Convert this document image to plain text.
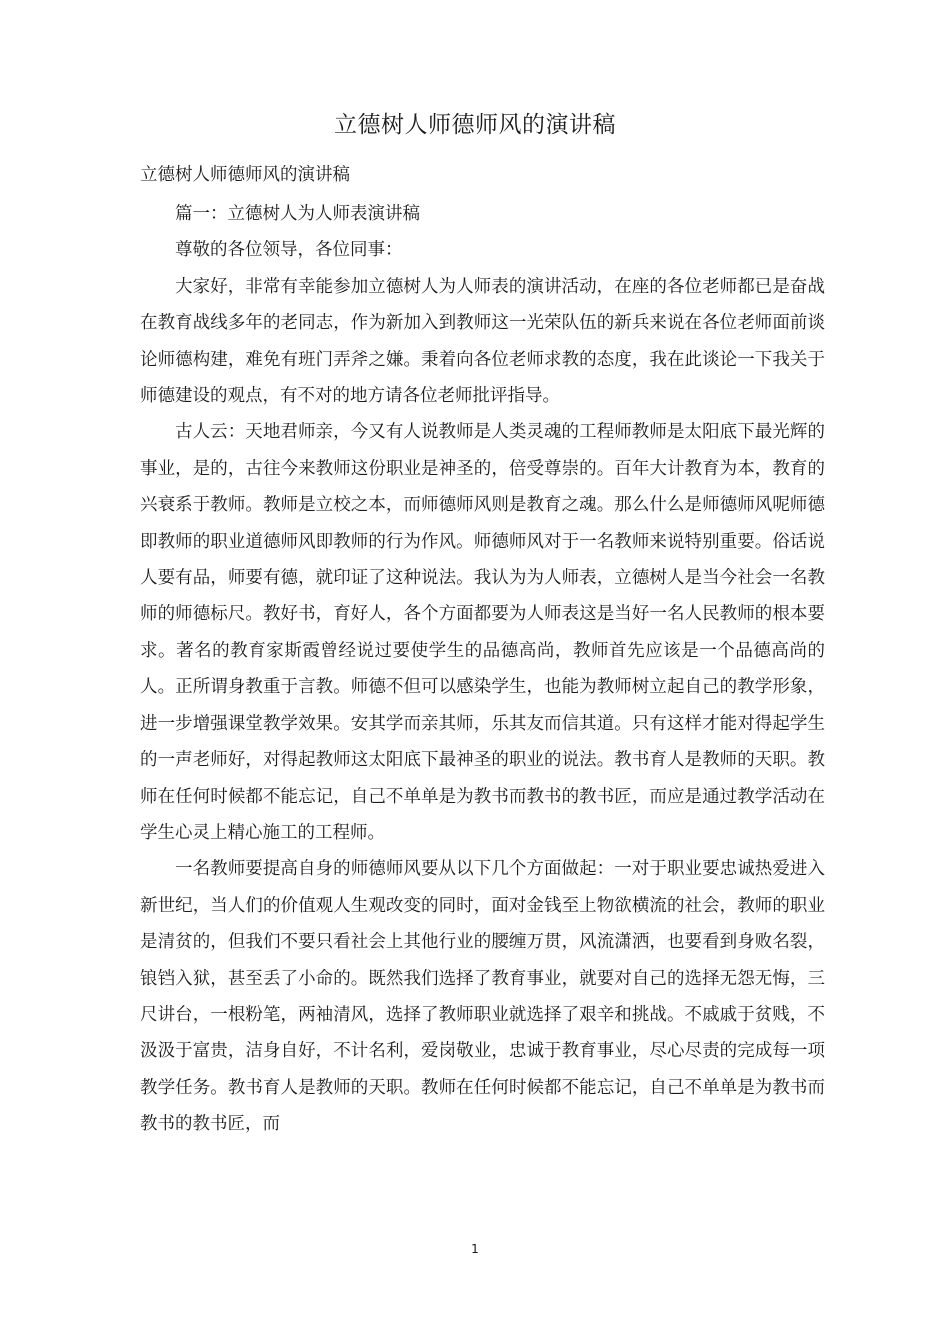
立德树人师德师风的演讲稿
立德树人师德师风的演讲稿

篇一：立德树人为人师表演讲稿

尊敬的各位领导，各位同事：

大家好，非常有幸能参加立德树人为人师表的演讲活动，在座的各位老师都已是奋战在教育战线多年的老同志，作为新加入到教师这一光荣队伍的新兵来说在各位老师面前谈论师德构建，难免有班门弄斧之嫌。秉着向各位老师求教的态度，我在此谈论一下我关于师德建设的观点，有不对的地方请各位老师批评指导。

古人云：天地君师亲，今又有人说教师是人类灵魂的工程师教师是太阳底下最光辉的事业，是的，古往今来教师这份职业是神圣的，倍受尊崇的。百年大计教育为本，教育的兴衰系于教师。教师是立校之本，而师德师风则是教育之魂。那么什么是师德师风呢师德即教师的职业道德师风即教师的行为作风。师德师风对于一名教师来说特别重要。俗话说人要有品，师要有德，就印证了这种说法。我认为为人师表，立德树人是当今社会一名教师的师德标尺。教好书，育好人，各个方面都要为人师表这是当好一名人民教师的根本要求。著名的教育家斯霞曾经说过要使学生的品德高尚，教师首先应该是一个品德高尚的人。正所谓身教重于言教。师德不但可以感染学生，也能为教师树立起自己的教学形象，进一步增强课堂教学效果。安其学而亲其师，乐其友而信其道。只有这样才能对得起学生的一声老师好，对得起教师这太阳底下最神圣的职业的说法。教书育人是教师的天职。教师在任何时候都不能忘记，自己不单单是为教书而教书的教书匠，而应是通过教学活动在学生心灵上精心施工的工程师。

一名教师要提高自身的师德师风要从以下几个方面做起：一对于职业要忠诚热爱进入新世纪，当人们的价值观人生观改变的同时，面对金钱至上物欲横流的社会，教师的职业是清贫的，但我们不要只看社会上其他行业的腰缠万贯，风流潇洒，也要看到身败名裂，锒铛入狱，甚至丢了小命的。既然我们选择了教育事业，就要对自己的选择无怨无悔，三尺讲台，一根粉笔，两袖清风，选择了教师职业就选择了艰辛和挑战。不戚戚于贫贱，不汲汲于富贵，洁身自好，不计名利，爱岗敬业，忠诚于教育事业，尽心尽责的完成每一项教学任务。教书育人是教师的天职。教师在任何时候都不能忘记，自己不单单是为教书而教书的教书匠，而

1
